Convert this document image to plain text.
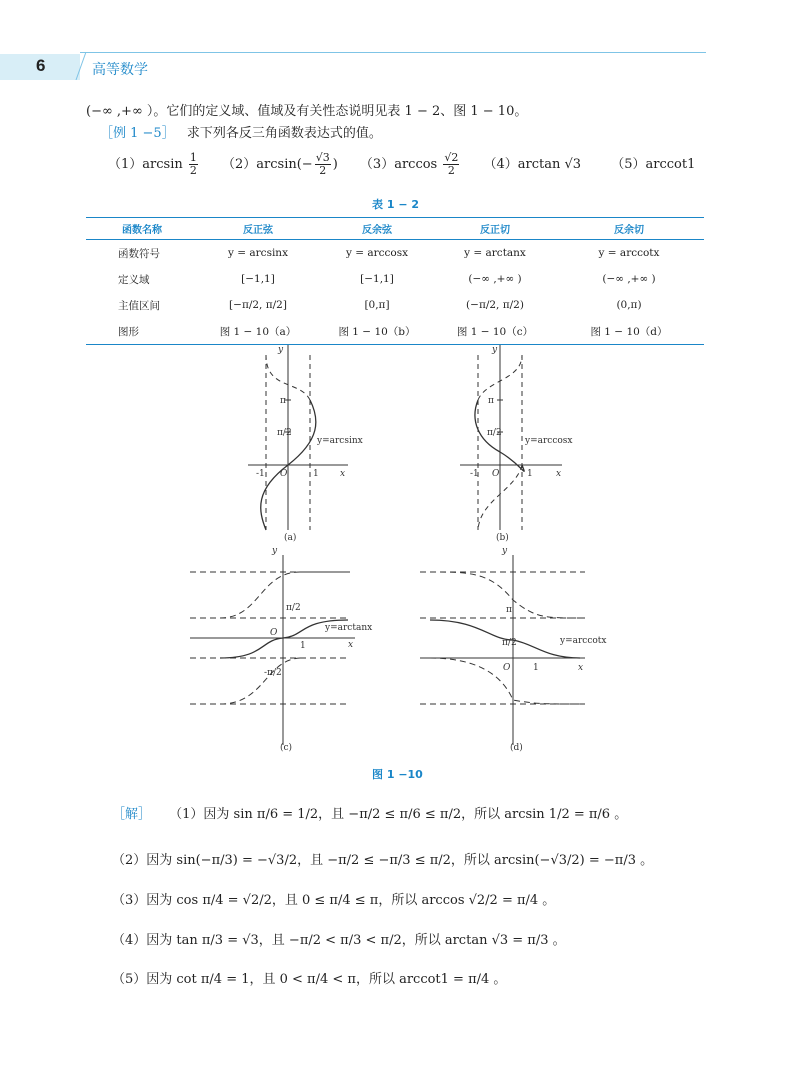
6	高等数学
(−∞ ,+∞ ）。它们的定义域、值域及有关性态说明见表 1 − 2、图 1 − 10。
［例 1 −5］ 求下列各反三角函数表达式的值。
$(1)\arcsin \frac{1}{2} (2)\arcsin(- \frac{√3}{2}$ ) $(3)\arccos \frac{√2}{2} (4)\arctan$ √3 （5）arccot1
表 1 − 2
函数名称	反正弦	反余弦	反正切	反余切
函数符号	y = arcsinx	y = arccosx	y = arctanx	y = arccotx
定义域	[−1,1]	[−1,1]	(−∞ ,+∞ )	(−∞ ,+∞ )
主值区间	[−π/2, π/2]	[0,π]	(−π/2, π/2)	(0,π)
图形	图 1 − 10（a）	图 1 − 10（b）	图 1 − 10（c）	图 1 − 10（d）
y
x
O
-1	1
π
π/2
y=arcsinx
(a)
y
x
O
-1	1
π
π/2
y=arccosx
(b)
y
x
O
1
π/2
-π/2
y=arctanx
(c)
y
x
O	1
π
π/2	y=arccotx
(d)
图 1 −10
［解］ （1）因为 sin π/6 = 1/2，且 −π/2 ≤ π/6 ≤ π/2，所以 arcsin 1/2 = π/6 。
（2）因为 sin(−π/3) = −√3/2，且 −π/2 ≤ −π/3 ≤ π/2，所以 arcsin(−√3/2) = −π/3 。
（3）因为 cos π/4 = √2/2，且 0 ≤ π/4 ≤ π，所以 arccos √2/2 = π/4 。
（4）因为 tan π/3 = √3，且 −π/2 < π/3 < π/2，所以 arctan √3 = π/3 。
（5）因为 cot π/4 = 1，且 0 < π/4 < π，所以 arccot1 = π/4 。
